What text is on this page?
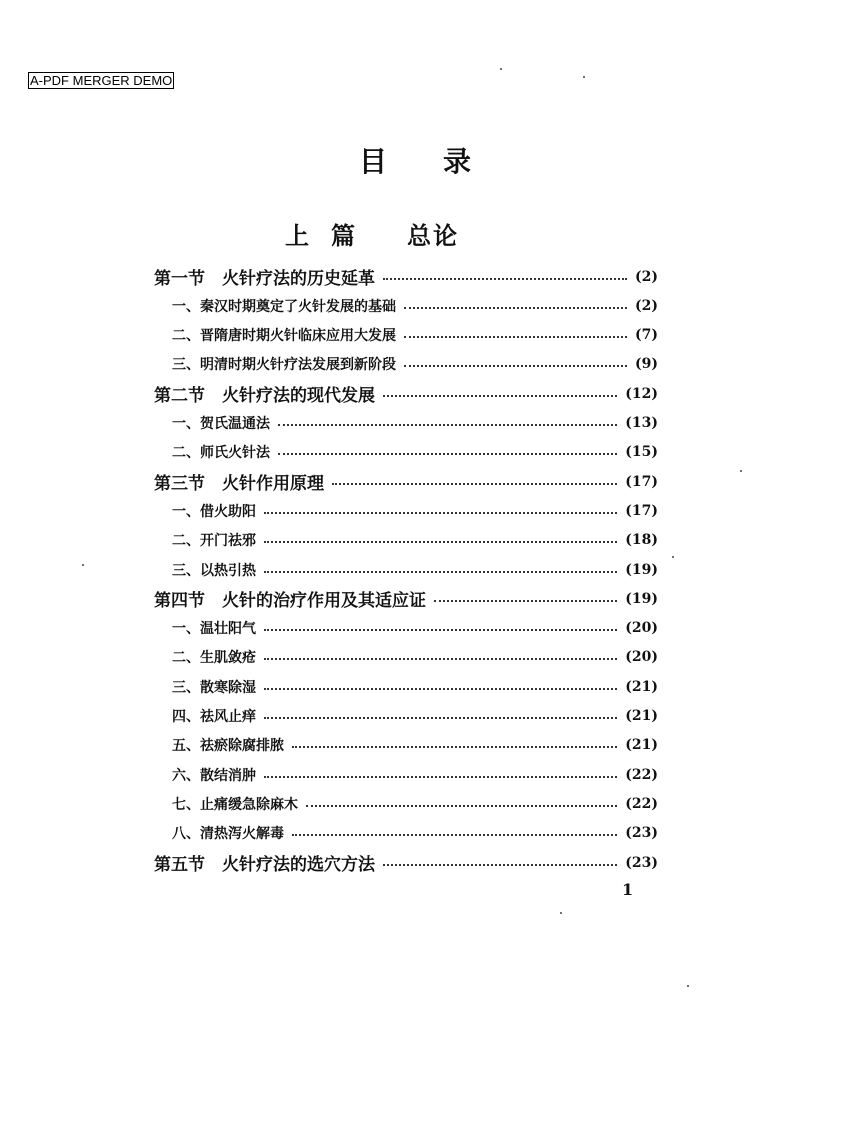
A-PDF MERGER DEMO
目录
上篇 总论
第一节　火针疗法的历史延革	(2)
一、秦汉时期奠定了火针发展的基础	(2)
二、晋隋唐时期火针临床应用大发展	(7)
三、明清时期火针疗法发展到新阶段	(9)
第二节　火针疗法的现代发展	(12)
一、贺氏温通法	(13)
二、师氏火针法	(15)
第三节　火针作用原理	(17)
一、借火助阳	(17)
二、开门祛邪	(18)
三、以热引热	(19)
第四节　火针的治疗作用及其适应证	(19)
一、温壮阳气	(20)
二、生肌敛疮	(20)
三、散寒除湿	(21)
四、祛风止痒	(21)
五、祛瘀除腐排脓	(21)
六、散结消肿	(22)
七、止痛缓急除麻木	(22)
八、清热泻火解毒	(23)
第五节　火针疗法的选穴方法	(23)
1
